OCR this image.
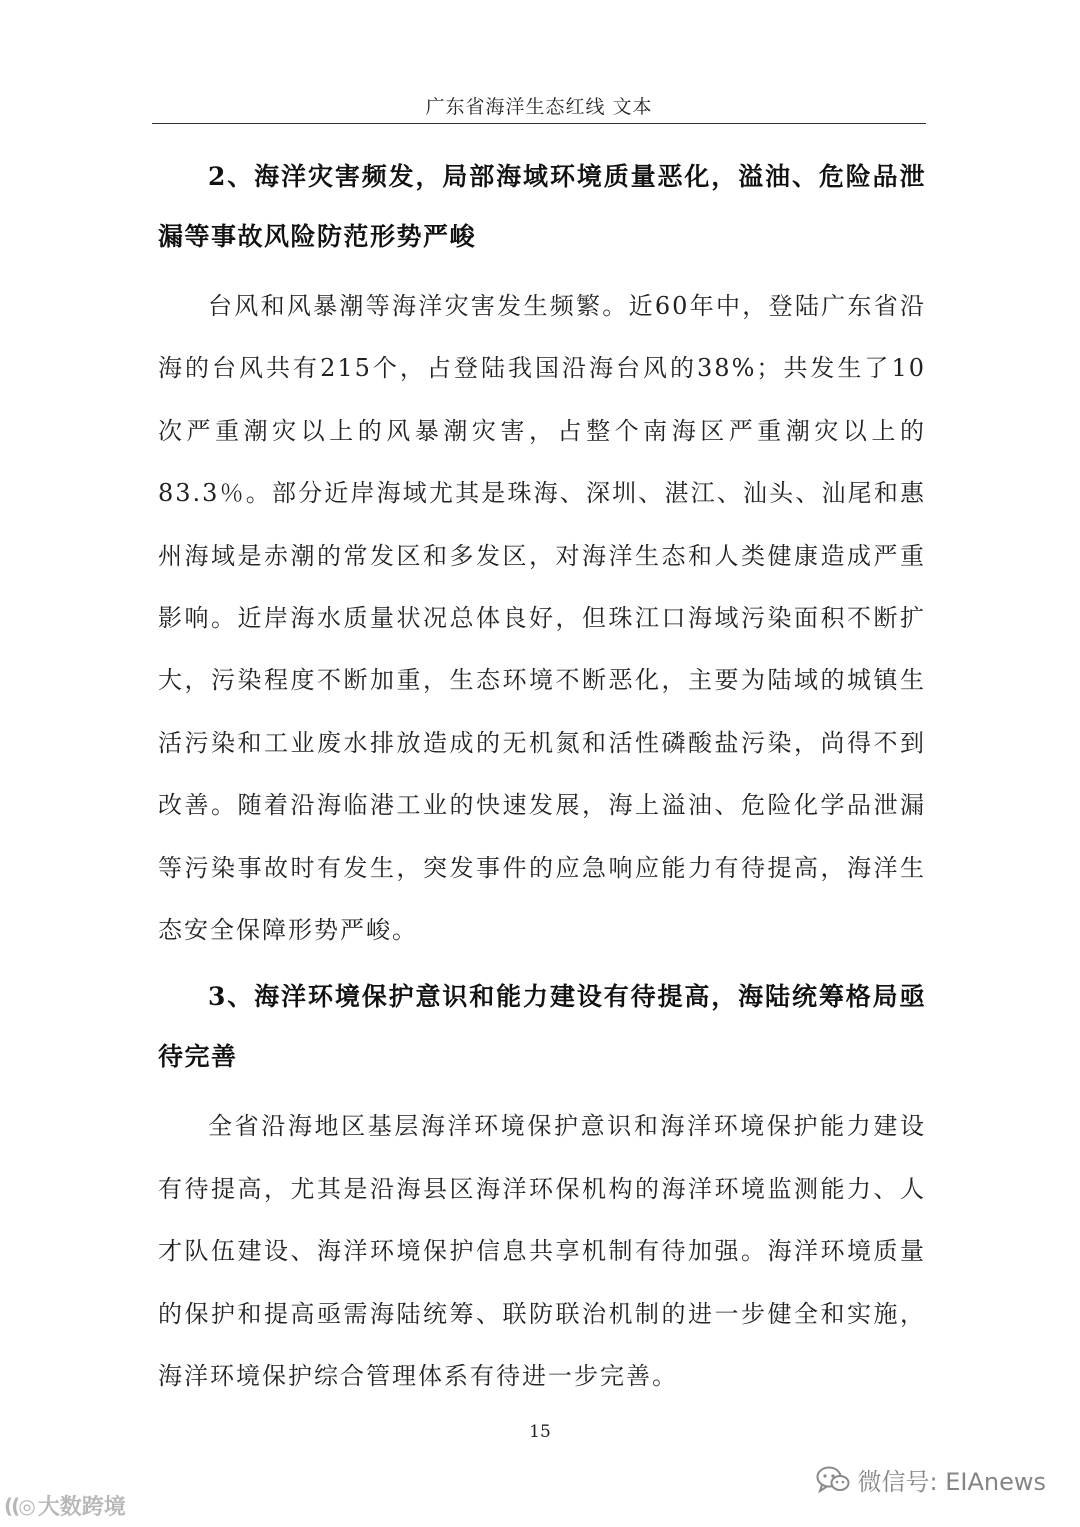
广东省海洋生态红线 文本

2、海洋灾害频发，局部海域环境质量恶化，溢油、危险品泄漏等事故风险防范形势严峻

台风和风暴潮等海洋灾害发生频繁。近60年中，登陆广东省沿海的台风共有215个，占登陆我国沿海台风的38%；共发生了10次严重潮灾以上的风暴潮灾害，占整个南海区严重潮灾以上的 83.3％。部分近岸海域尤其是珠海、深圳、湛江、汕头、汕尾和惠州海域是赤潮的常发区和多发区，对海洋生态和人类健康造成严重影响。近岸海水质量状况总体良好，但珠江口海域污染面积不断扩大，污染程度不断加重，生态环境不断恶化，主要为陆域的城镇生活污染和工业废水排放造成的无机氮和活性磷酸盐污染，尚得不到改善。随着沿海临港工业的快速发展，海上溢油、危险化学品泄漏等污染事故时有发生，突发事件的应急响应能力有待提高，海洋生态安全保障形势严峻。

3、海洋环境保护意识和能力建设有待提高，海陆统筹格局亟待完善

全省沿海地区基层海洋环境保护意识和海洋环境保护能力建设有待提高，尤其是沿海县区海洋环保机构的海洋环境监测能力、人才队伍建设、海洋环境保护信息共享机制有待加强。海洋环境质量的保护和提高亟需海陆统筹、联防联治机制的进一步健全和实施，海洋环境保护综合管理体系有待进一步完善。

15
((◎ 大数跨境
微信号: EIAnews
